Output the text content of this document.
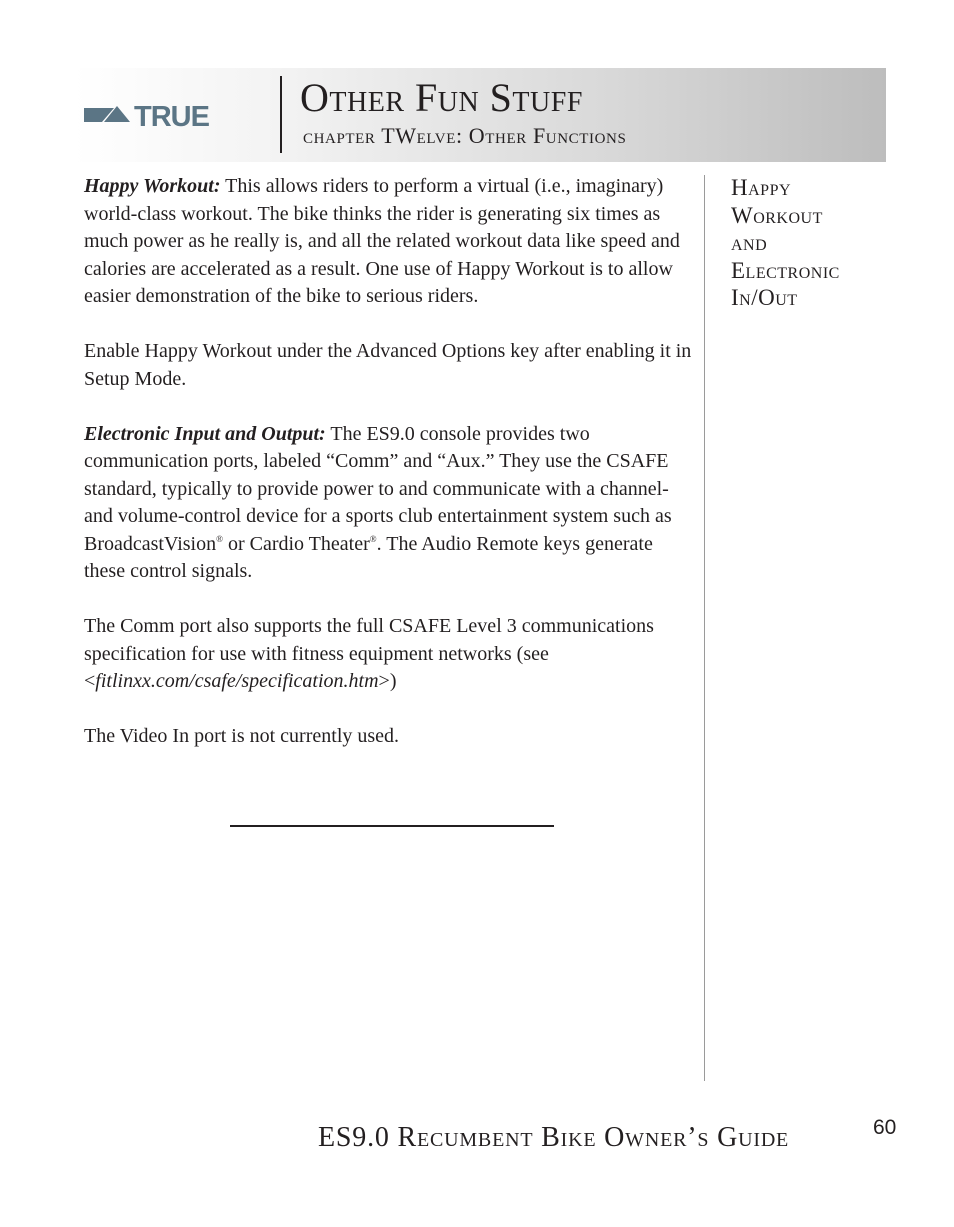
TRUE Other Fun Stuff
chapter TWelve: Other Functions

Happy Workout: This allows riders to perform a virtual (i.e., imaginary) world-class workout. The bike thinks the rider is generating six times as much power as he really is, and all the related workout data like speed and calories are accelerated as a result. One use of Happy Workout is to allow easier demonstration of the bike to serious riders.

Enable Happy Workout under the Advanced Options key after enabling it in Setup Mode.

Electronic Input and Output: The ES9.0 console provides two communication ports, labeled “Comm” and “Aux.” They use the CSAFE standard, typically to provide power to and communicate with a channel- and volume-control device for a sports club entertainment system such as BroadcastVision® or Cardio Theater®. The Audio Remote keys generate these control signals.

The Comm port also supports the full CSAFE Level 3 communications specification for use with fitness equipment networks (see <fitlinxx.com/csafe/specification.htm>)

The Video In port is not currently used.

Happy
Workout
and
Electronic
In/Out
ES9.0 Recumbent Bike Owner’s Guide	60
